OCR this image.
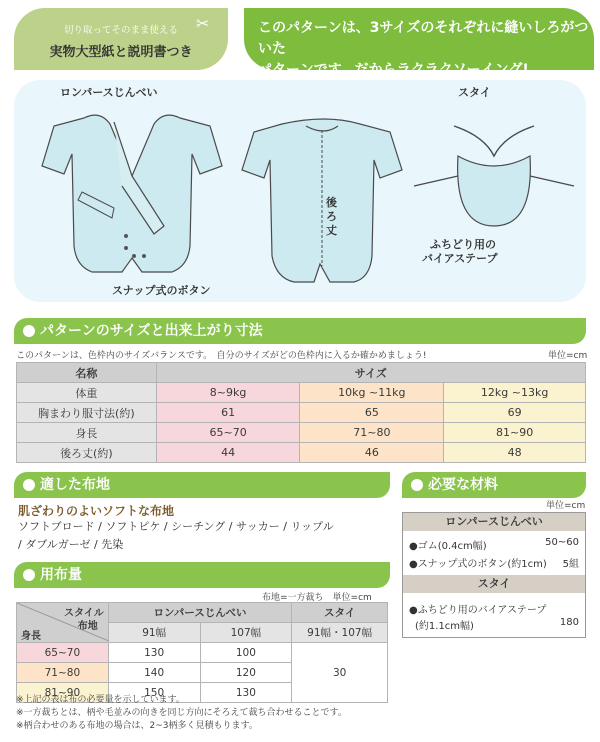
切り取ってそのまま使える
実物大型紙と説明書つき
✂	このパターンは、3サイズのそれぞれに縫いしろがついた
パターンです。だからラクラクソーイング!
ロンパースじんべい	スタイ
後ろ丈
スナップ式のボタン
ふちどり用の
バイアステープ
パターンのサイズと出来上がり寸法
このパターンは、色枠内のサイズバランスです。　自分のサイズがどの色枠内に入るか確かめましょう!	単位=cm
名称	サイズ		
体重	8~9kg	10kg ~11kg	12kg ~13kg
胸まわり服寸法(約)	61	65	69
身長	65~70	71~80	81~90
後ろ丈(約)	44	46	48
適した布地
肌ざわりのよいソフトな布地
ソフトブロード / ソフトピケ / シーチング / サッカー / リップル
/ ダブルガーゼ / 先染
用布量
布地=一方裁ち　単位=cm
スタイル
布地
身長	ロンパースじんべい		スタイ
	91幅	107幅	91幅・107幅
65~70	130	100	30
71~80	140	120	
81~90	150	130	
必要な材料
単位=cm
ロンパースじんべい
●ゴム(0.4cm幅)	50~60
●スナップ式のボタン(約1cm) 5組
スタイ
●ふちどり用のバイアステープ
(約1.1cm幅)	180
※上記の表は布の必要量を示しています。
※一方裁ちとは、柄や毛並みの向きを同じ方向にそろえて裁ち合わせることです。
※柄合わせのある布地の場合は、2~3柄多く見積もります。
